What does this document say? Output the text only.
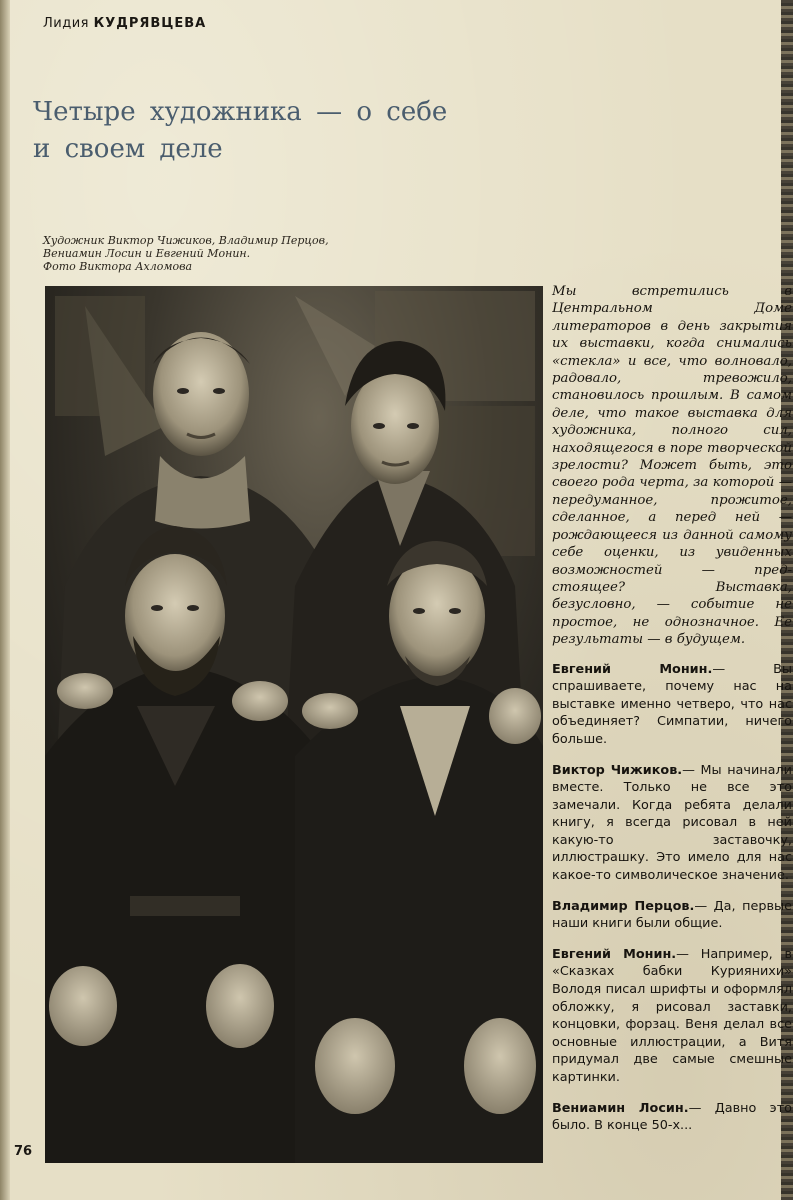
Лидия КУДРЯВЦЕВА
Четыре художника — о себе
и своем деле
Художник Виктор Чижиков, Владимир Перцов,
Вениамин Лосин и Евгений Монин.
Фото Виктора Ахломова

Мы встретились в Центральном Доме литераторов в день закрытия их выставки, когда снимались «стекла» и все, что волновало, радовало, тревожило, становилось прошлым. В самом деле, что такое выставка для художника, полного сил, находящегося в поре творческой зрелости? Может быть, это своего рода черта, за которой — передуманное, прожитое, сделанное, а перед ней — рождающееся из данной самому себе оценки, из увиденных возможностей — пред-стоящее? Выставка, безусловно, — событие не простое, не однозначное. Ее результаты — в будущем.

Евгений Монин.— Вы спрашиваете, почему нас на выставке именно четверо, что нас объединяет? Симпатии, ничего больше.

Виктор Чижиков.— Мы начинали вместе. Только не все это замечали. Когда ребята делали книгу, я всегда рисовал в ней какую-то заставочку, иллюстрашку. Это имело для нас какое-то символическое значение.

Владимир Перцов.— Да, первые наши книги были общие.

Евгений Монин.— Например, в «Сказках бабки Куриянихи» Володя писал шрифты и оформлял обложку, я рисовал заставки, концовки, форзац. Веня делал все основные иллюстрации, а Витя придумал две самые смешные картинки.

Вениамин Лосин.— Давно это было. В конце 50-х...

76
